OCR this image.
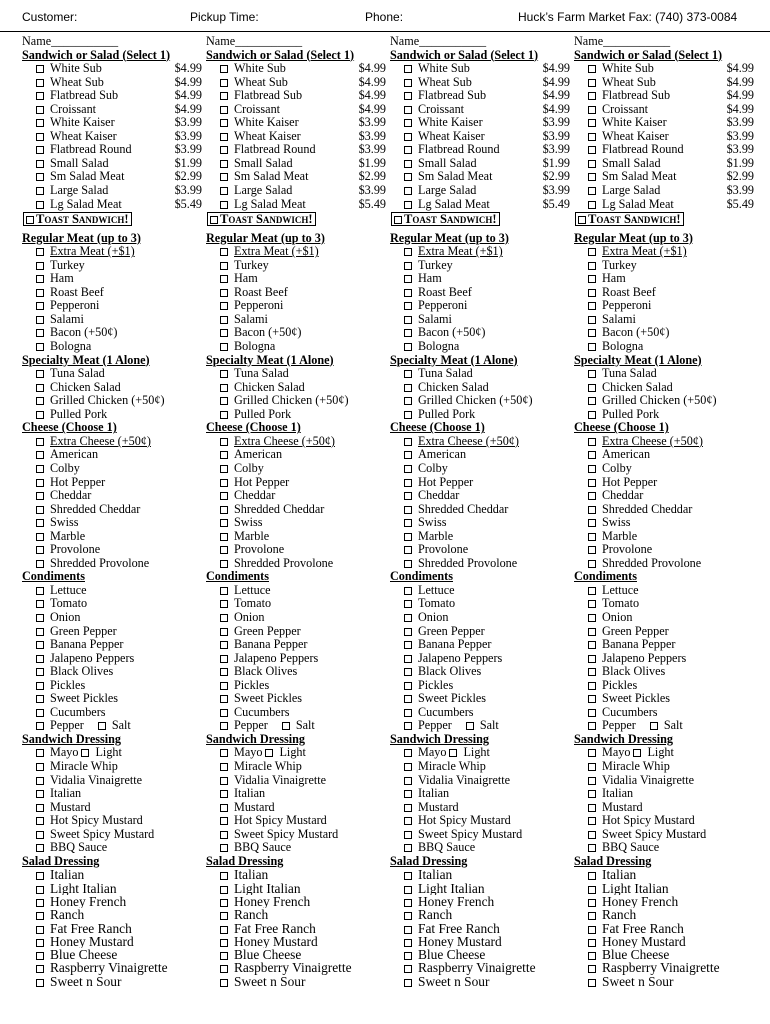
Customer:	Pickup Time:	Phone:	Huck’s Farm Market Fax: (740) 373-0084
Name___________
Sandwich or Salad (Select 1)
White Sub	$4.99
Wheat Sub	$4.99
Flatbread Sub	$4.99
Croissant	$4.99
White Kaiser	$3.99
Wheat Kaiser	$3.99
Flatbread Round	$3.99
Small Salad	$1.99
Sm Salad Meat	$2.99
Large Salad	$3.99
Lg Salad Meat	$5.49
Toast Sandwich!
Regular Meat (up to 3)
Extra Meat (+$1)
Turkey
Ham
Roast Beef
Pepperoni
Salami
Bacon (+50¢)
Bologna
Specialty Meat (1 Alone)
Tuna Salad
Chicken Salad
Grilled Chicken (+50¢)
Pulled Pork
Cheese (Choose 1)
Extra Cheese (+50¢)
American
Colby
Hot Pepper
Cheddar
Shredded Cheddar
Swiss
Marble
Provolone
Shredded Provolone
Condiments
Lettuce
Tomato
Onion
Green Pepper
Banana Pepper
Jalapeno Peppers
Black Olives
Pickles
Sweet Pickles
Cucumbers
Pepper Salt
Sandwich Dressing
Mayo Light
Miracle Whip
Vidalia Vinaigrette
Italian
Mustard
Hot Spicy Mustard
Sweet Spicy Mustard
BBQ Sauce
Salad Dressing
Italian
Light Italian
Honey French
Ranch
Fat Free Ranch
Honey Mustard
Blue Cheese
Raspberry Vinaigrette
Sweet n Sour
Name___________
Sandwich or Salad (Select 1)
White Sub	$4.99
Wheat Sub	$4.99
Flatbread Sub	$4.99
Croissant	$4.99
White Kaiser	$3.99
Wheat Kaiser	$3.99
Flatbread Round	$3.99
Small Salad	$1.99
Sm Salad Meat	$2.99
Large Salad	$3.99
Lg Salad Meat	$5.49
Toast Sandwich!
Regular Meat (up to 3)
Extra Meat (+$1)
Turkey
Ham
Roast Beef
Pepperoni
Salami
Bacon (+50¢)
Bologna
Specialty Meat (1 Alone)
Tuna Salad
Chicken Salad
Grilled Chicken (+50¢)
Pulled Pork
Cheese (Choose 1)
Extra Cheese (+50¢)
American
Colby
Hot Pepper
Cheddar
Shredded Cheddar
Swiss
Marble
Provolone
Shredded Provolone
Condiments
Lettuce
Tomato
Onion
Green Pepper
Banana Pepper
Jalapeno Peppers
Black Olives
Pickles
Sweet Pickles
Cucumbers
Pepper Salt
Sandwich Dressing
Mayo Light
Miracle Whip
Vidalia Vinaigrette
Italian
Mustard
Hot Spicy Mustard
Sweet Spicy Mustard
BBQ Sauce
Salad Dressing
Italian
Light Italian
Honey French
Ranch
Fat Free Ranch
Honey Mustard
Blue Cheese
Raspberry Vinaigrette
Sweet n Sour
Name___________
Sandwich or Salad (Select 1)
White Sub	$4.99
Wheat Sub	$4.99
Flatbread Sub	$4.99
Croissant	$4.99
White Kaiser	$3.99
Wheat Kaiser	$3.99
Flatbread Round	$3.99
Small Salad	$1.99
Sm Salad Meat	$2.99
Large Salad	$3.99
Lg Salad Meat	$5.49
Toast Sandwich!
Regular Meat (up to 3)
Extra Meat (+$1)
Turkey
Ham
Roast Beef
Pepperoni
Salami
Bacon (+50¢)
Bologna
Specialty Meat (1 Alone)
Tuna Salad
Chicken Salad
Grilled Chicken (+50¢)
Pulled Pork
Cheese (Choose 1)
Extra Cheese (+50¢)
American
Colby
Hot Pepper
Cheddar
Shredded Cheddar
Swiss
Marble
Provolone
Shredded Provolone
Condiments
Lettuce
Tomato
Onion
Green Pepper
Banana Pepper
Jalapeno Peppers
Black Olives
Pickles
Sweet Pickles
Cucumbers
Pepper Salt
Sandwich Dressing
Mayo Light
Miracle Whip
Vidalia Vinaigrette
Italian
Mustard
Hot Spicy Mustard
Sweet Spicy Mustard
BBQ Sauce
Salad Dressing
Italian
Light Italian
Honey French
Ranch
Fat Free Ranch
Honey Mustard
Blue Cheese
Raspberry Vinaigrette
Sweet n Sour
Name___________
Sandwich or Salad (Select 1)
White Sub	$4.99
Wheat Sub	$4.99
Flatbread Sub	$4.99
Croissant	$4.99
White Kaiser	$3.99
Wheat Kaiser	$3.99
Flatbread Round	$3.99
Small Salad	$1.99
Sm Salad Meat	$2.99
Large Salad	$3.99
Lg Salad Meat	$5.49
Toast Sandwich!
Regular Meat (up to 3)
Extra Meat (+$1)
Turkey
Ham
Roast Beef
Pepperoni
Salami
Bacon (+50¢)
Bologna
Specialty Meat (1 Alone)
Tuna Salad
Chicken Salad
Grilled Chicken (+50¢)
Pulled Pork
Cheese (Choose 1)
Extra Cheese (+50¢)
American
Colby
Hot Pepper
Cheddar
Shredded Cheddar
Swiss
Marble
Provolone
Shredded Provolone
Condiments
Lettuce
Tomato
Onion
Green Pepper
Banana Pepper
Jalapeno Peppers
Black Olives
Pickles
Sweet Pickles
Cucumbers
Pepper Salt
Sandwich Dressing
Mayo Light
Miracle Whip
Vidalia Vinaigrette
Italian
Mustard
Hot Spicy Mustard
Sweet Spicy Mustard
BBQ Sauce
Salad Dressing
Italian
Light Italian
Honey French
Ranch
Fat Free Ranch
Honey Mustard
Blue Cheese
Raspberry Vinaigrette
Sweet n Sour
